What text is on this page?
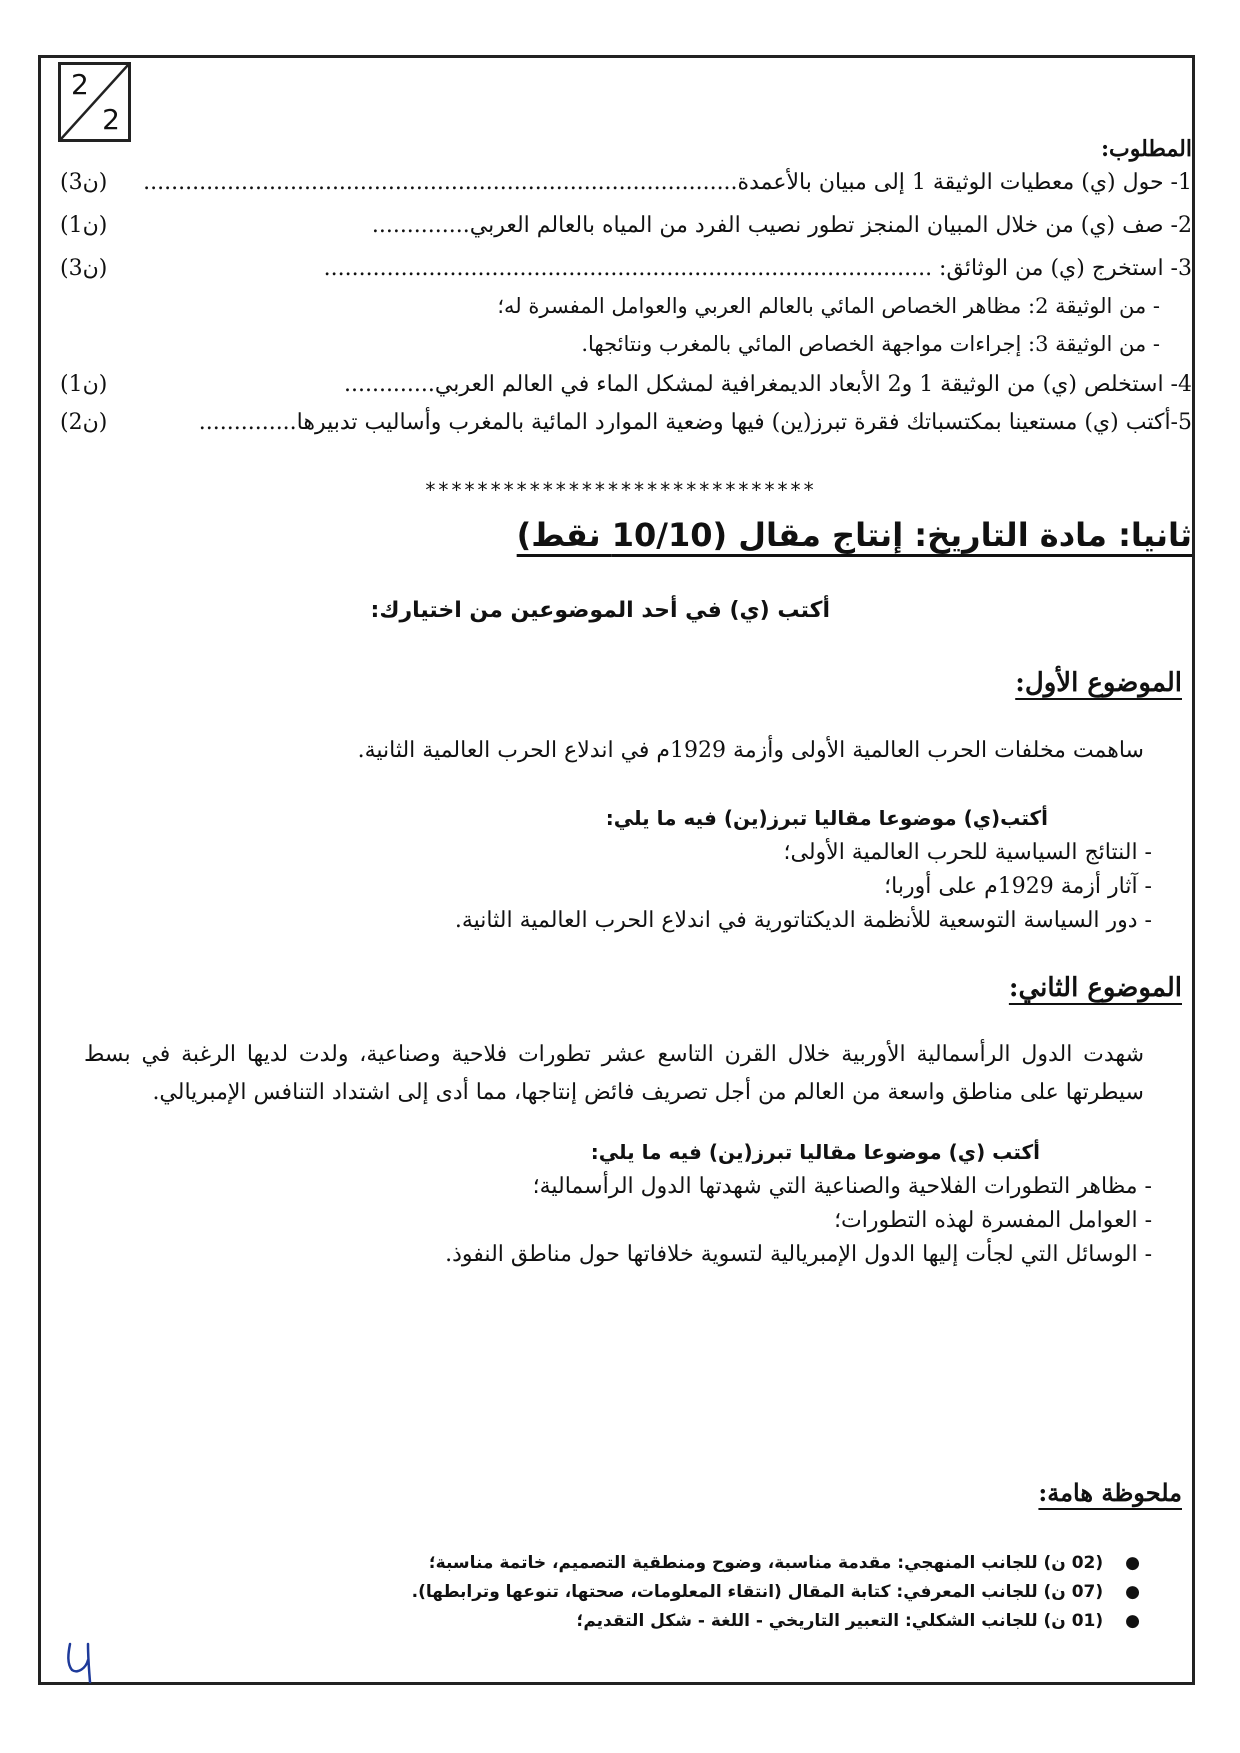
2
2
المطلوب:
1- حول (ي) معطيات الوثيقة 1 إلى مبيان بالأعمدة.....................................................................................
(3ن)
2- صف (ي) من خلال المبيان المنجز تطور نصيب الفرد من المياه بالعالم العربي..............
(1ن)
3- استخرج (ي) من الوثائق: .......................................................................................
(3ن)
- من الوثيقة 2: مظاهر الخصاص المائي بالعالم العربي والعوامل المفسرة له؛
- من الوثيقة 3: إجراءات مواجهة الخصاص المائي بالمغرب ونتائجها.
4- استخلص (ي) من الوثيقة 1 و2 الأبعاد الديمغرافية لمشكل الماء في العالم العربي.............
(1ن)
5-أكتب (ي) مستعينا بمكتسباتك فقرة تبرز(ين) فيها وضعية الموارد المائية بالمغرب وأساليب تدبيرها..............
(2ن)
******************************
ثانيا: مادة التاريخ: إنتاج مقال (10/10 نقط)
أكتب (ي) في أحد الموضوعين من اختيارك:
الموضوع الأول:
ساهمت مخلفات الحرب العالمية الأولى وأزمة 1929م في اندلاع الحرب العالمية الثانية.
أكتب(ي) موضوعا مقاليا تبرز(ين) فيه ما يلي:
- النتائج السياسية للحرب العالمية الأولى؛
- آثار أزمة 1929م على أوربا؛
- دور السياسة التوسعية للأنظمة الديكتاتورية في اندلاع الحرب العالمية الثانية.
الموضوع الثاني:
شهدت الدول الرأسمالية الأوربية خلال القرن التاسع عشر تطورات فلاحية وصناعية، ولدت لديها الرغبة في بسط سيطرتها على مناطق واسعة من العالم من أجل تصريف فائض إنتاجها، مما أدى إلى اشتداد التنافس الإمبريالي.
أكتب (ي) موضوعا مقاليا تبرز(ين) فيه ما يلي:
- مظاهر التطورات الفلاحية والصناعية التي شهدتها الدول الرأسمالية؛
- العوامل المفسرة لهذه التطورات؛
- الوسائل التي لجأت إليها الدول الإمبريالية لتسوية خلافاتها حول مناطق النفوذ.
ملحوظة هامة:
●(02 ن) للجانب المنهجي: مقدمة مناسبة، وضوح ومنطقية التصميم، خاتمة مناسبة؛
●(07 ن) للجانب المعرفي: كتابة المقال (انتقاء المعلومات، صحتها، تنوعها وترابطها).
●(01 ن) للجانب الشكلي: التعبير التاريخي - اللغة - شكل التقديم؛
